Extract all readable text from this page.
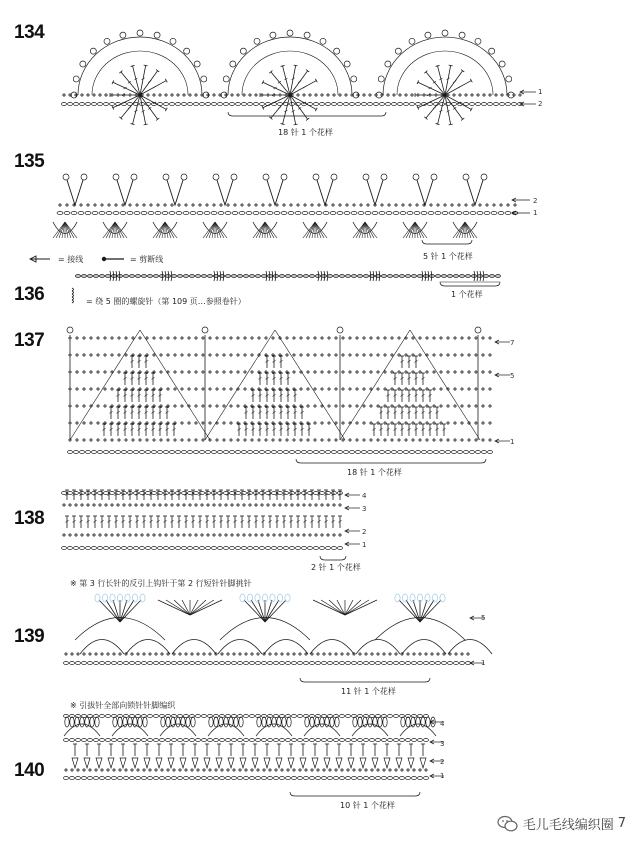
134
135
136
137
138
139
140
18 针 1 个花样
5 针 1 个花样
1 个花样
18 针 1 个花样
2 针 1 个花样
11 针 1 个花样
10 针 1 个花样
1
2
2
1
7
5
1
4
3
2
1
5
1
4
3
2
1
= 接线	= 剪断线
= 绕 5 圈的螺旋针（第 109 页…参照卷针）
※ 第 3 行长针的反引上钩针于第 2 行短针针脚挑针
※ 引拔针全部向锁针针脚编织
毛儿毛线编织圈 7
